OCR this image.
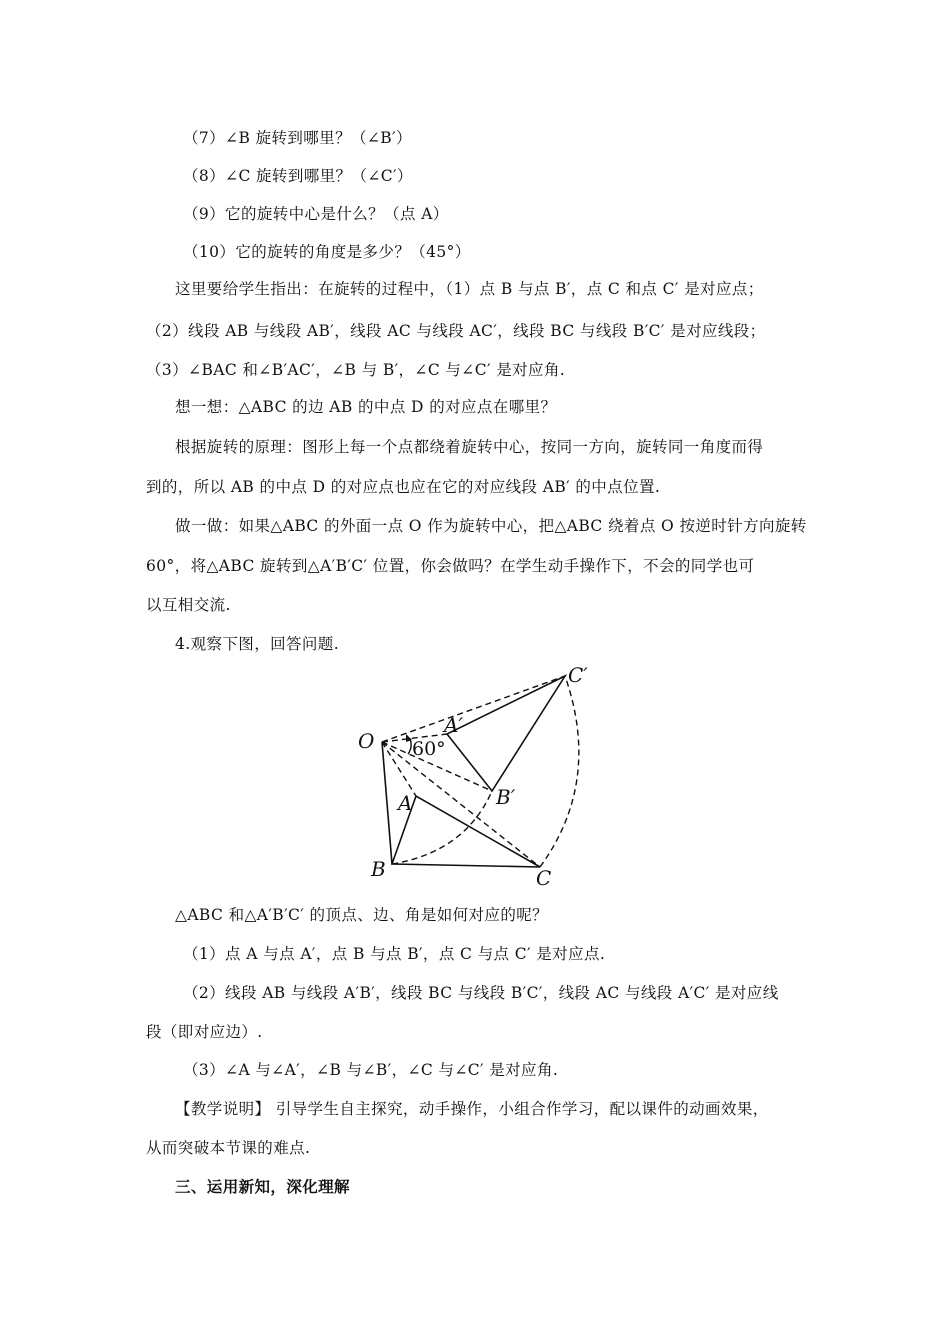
（7）∠B 旋转到哪里？（∠B′）
（8）∠C 旋转到哪里？（∠C′）
（9）它的旋转中心是什么？（点 A）
（10）它的旋转的角度是多少？（45°）
这里要给学生指出：在旋转的过程中，（1）点 B 与点 B′，点 C 和点 C′ 是对应点；
（2）线段 AB 与线段 AB′，线段 AC 与线段 AC′，线段 BC 与线段 B′C′ 是对应线段；
（3）∠BAC 和∠B′AC′，∠B 与 B′，∠C 与∠C′ 是对应角.
想一想：△ABC 的边 AB 的中点 D 的对应点在哪里？
根据旋转的原理：图形上每一个点都绕着旋转中心，按同一方向，旋转同一角度而得
到的，所以 AB 的中点 D 的对应点也应在它的对应线段 AB′ 的中点位置.
做一做：如果△ABC 的外面一点 O 作为旋转中心，把△ABC 绕着点 O 按逆时针方向旋转
60°，将△ABC 旋转到△A′B′C′ 位置，你会做吗？在学生动手操作下，不会的同学也可
以互相交流.
4.观察下图，回答问题.
O
A′
60°
C′
B′
A
B	C
△ABC 和△A′B′C′ 的顶点、边、角是如何对应的呢？
（1）点 A 与点 A′，点 B 与点 B′，点 C 与点 C′ 是对应点.
（2）线段 AB 与线段 A′B′，线段 BC 与线段 B′C′，线段 AC 与线段 A′C′ 是对应线
段（即对应边）.
（3）∠A 与∠A′，∠B 与∠B′，∠C 与∠C′ 是对应角.
【教学说明】 引导学生自主探究，动手操作，小组合作学习，配以课件的动画效果，
从而突破本节课的难点.
三、运用新知，深化理解
